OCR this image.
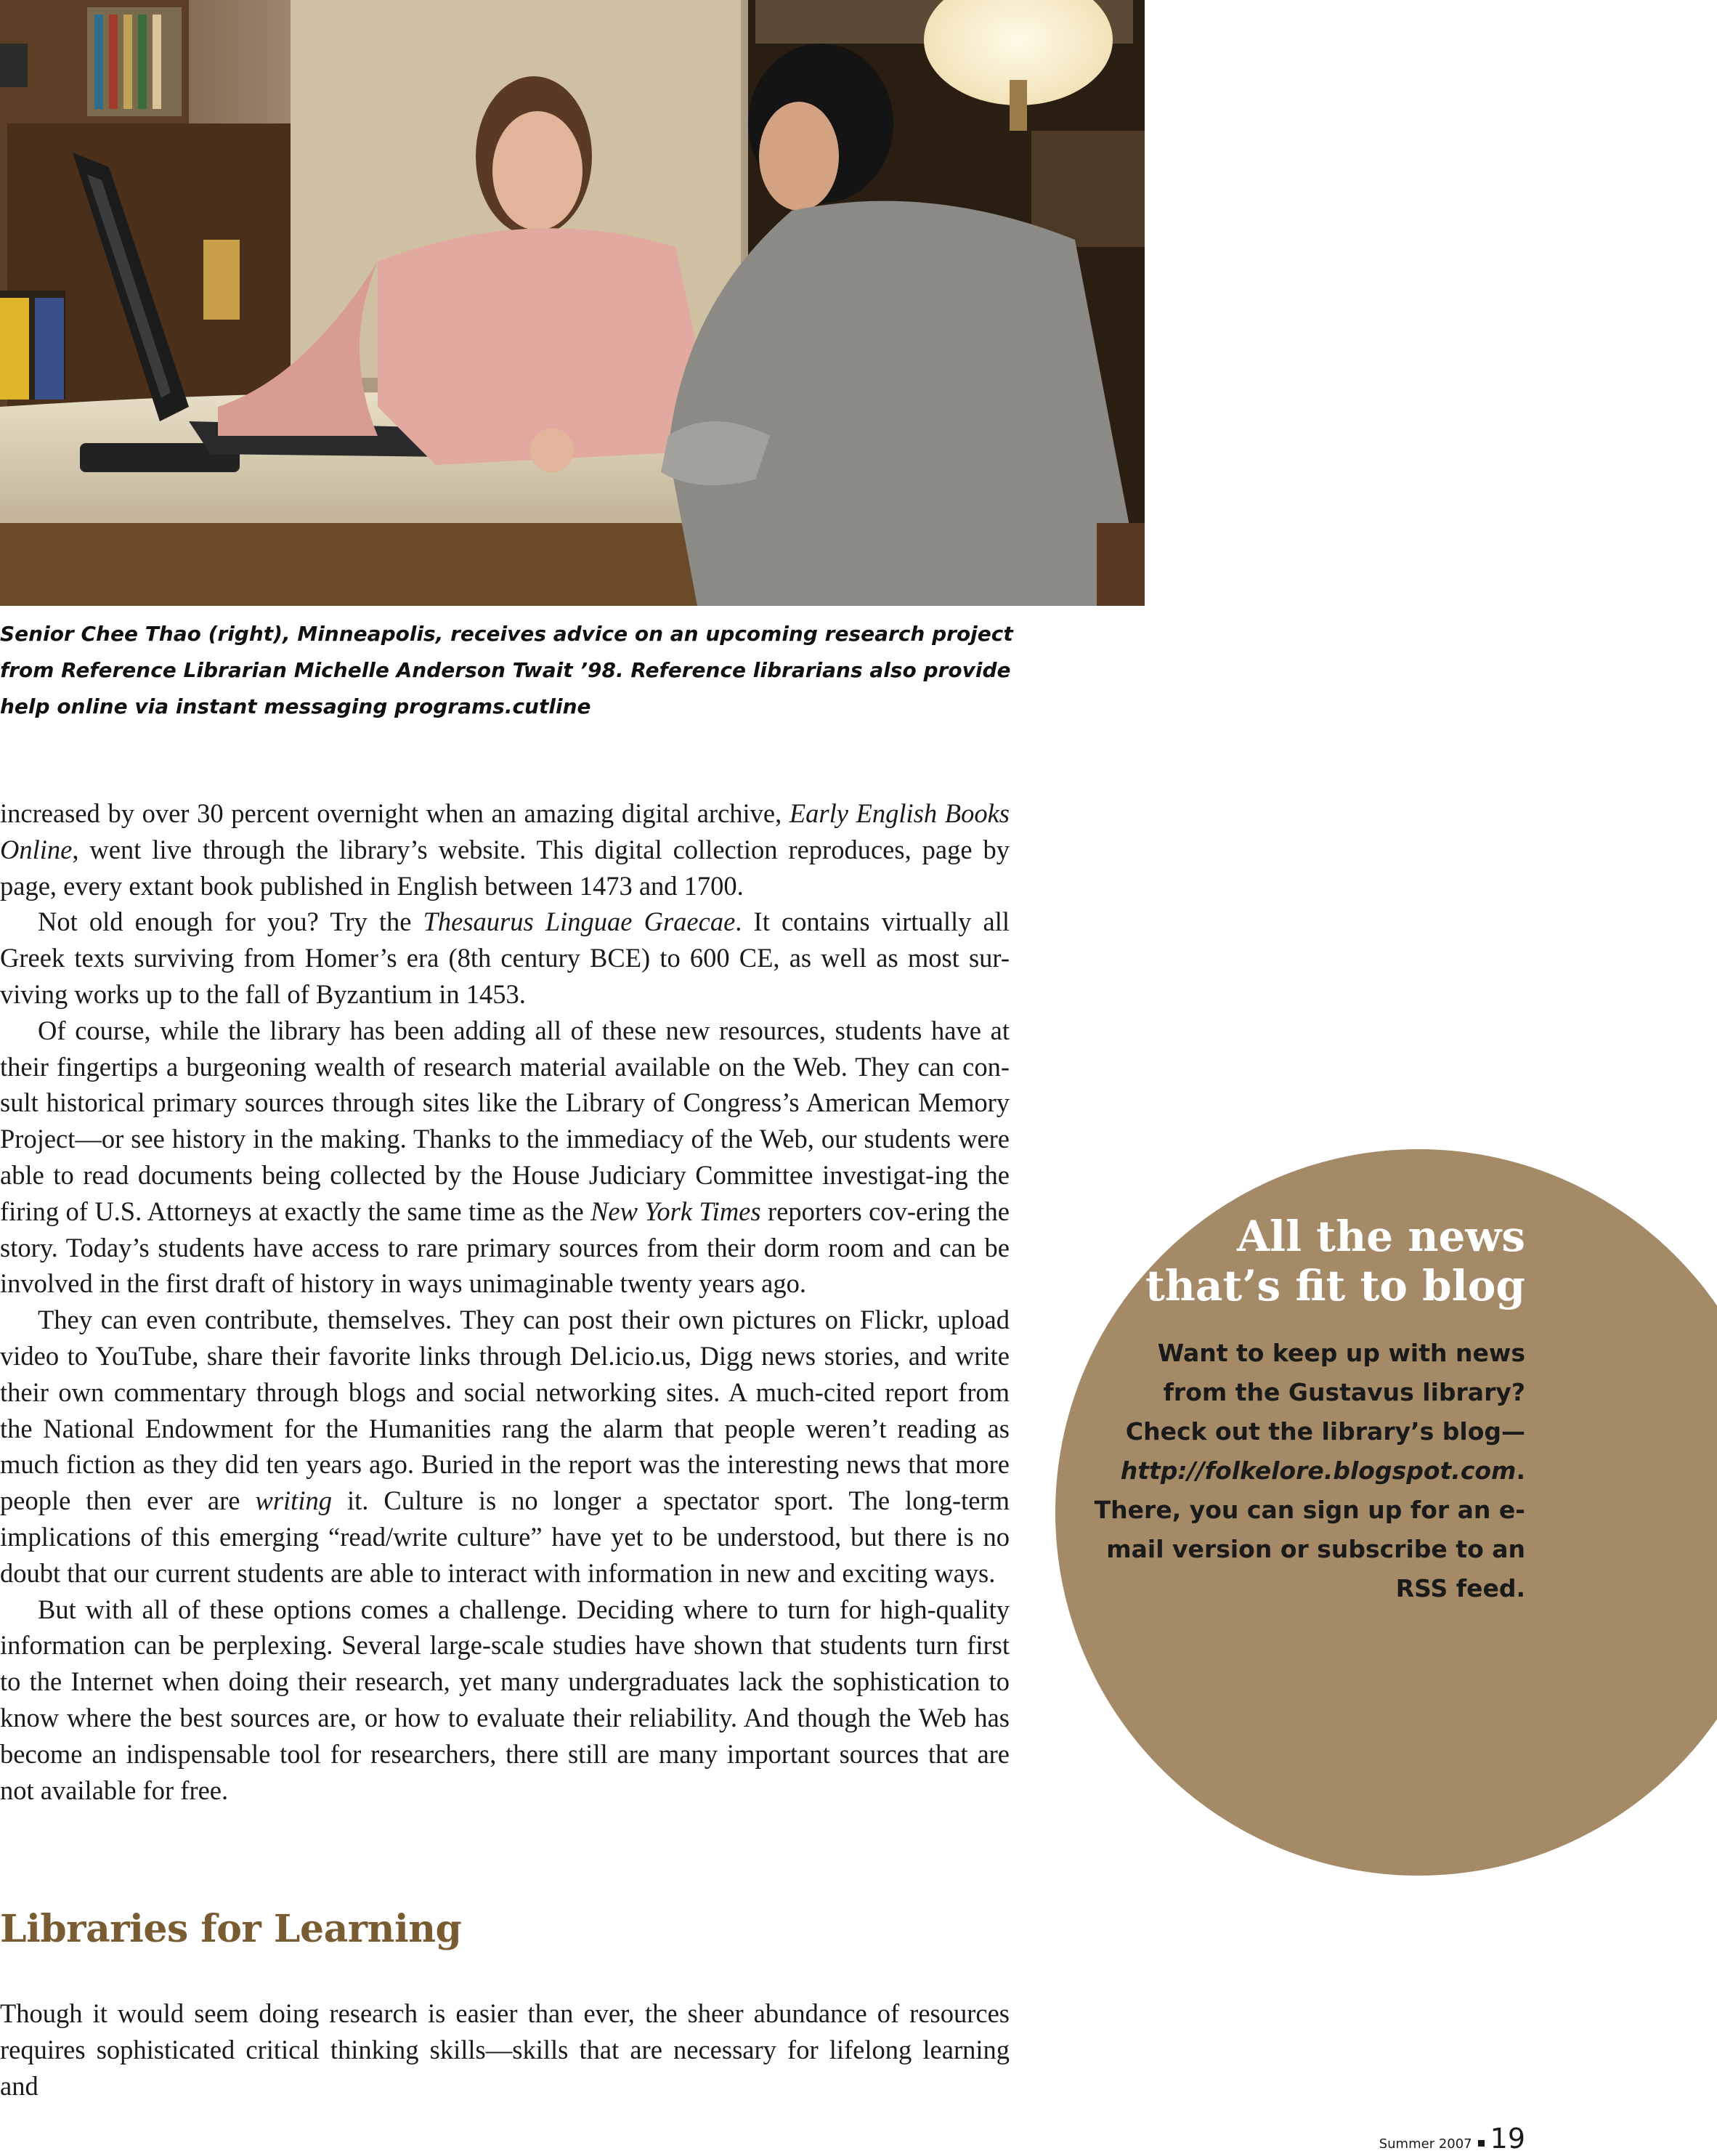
Senior Chee Thao (right), Minneapolis, receives advice on an upcoming research project from Reference Librarian Michelle Anderson Twait ’98. Reference librarians also provide help online via instant messaging programs.cutline

increased by over 30 percent overnight when an amazing digital archive, Early English Books Online, went live through the library’s website. This digital collection reproduces, page by page, every extant book published in English between 1473 and 1700.

Not old enough for you? Try the Thesaurus Linguae Graecae. It contains virtually all Greek texts surviving from Homer’s era (8th century BCE) to 600 CE, as well as most sur-viving works up to the fall of Byzantium in 1453.

Of course, while the library has been adding all of these new resources, students have at their fingertips a burgeoning wealth of research material available on the Web. They can con-sult historical primary sources through sites like the Library of Congress’s American Memory Project—or see history in the making. Thanks to the immediacy of the Web, our students were able to read documents being collected by the House Judiciary Committee investigat-ing the firing of U.S. Attorneys at exactly the same time as the New York Times reporters cov-ering the story. Today’s students have access to rare primary sources from their dorm room and can be involved in the first draft of history in ways unimaginable twenty years ago.

They can even contribute, themselves. They can post their own pictures on Flickr, upload video to YouTube, share their favorite links through Del.icio.us, Digg news stories, and write their own commentary through blogs and social networking sites. A much-cited report from the National Endowment for the Humanities rang the alarm that people weren’t reading as much fiction as they did ten years ago. Buried in the report was the interesting news that more people then ever are writing it. Culture is no longer a spectator sport. The long-term implications of this emerging “read/write culture” have yet to be understood, but there is no doubt that our current students are able to interact with information in new and exciting ways.

But with all of these options comes a challenge. Deciding where to turn for high-quality information can be perplexing. Several large-scale studies have shown that students turn first to the Internet when doing their research, yet many undergraduates lack the sophistication to know where the best sources are, or how to evaluate their reliability. And though the Web has become an indispensable tool for researchers, there still are many important sources that are not available for free.

Libraries for Learning

Though it would seem doing research is easier than ever, the sheer abundance of resources requires sophisticated critical thinking skills—skills that are necessary for lifelong learning and

All the news
that’s fit to blog

Want to keep up with news from the Gustavus library? Check out the library’s blog—http://folkelore.blogspot.com. There, you can sign up for an e-mail version or subscribe to an RSS feed.

Summer 2007 19
